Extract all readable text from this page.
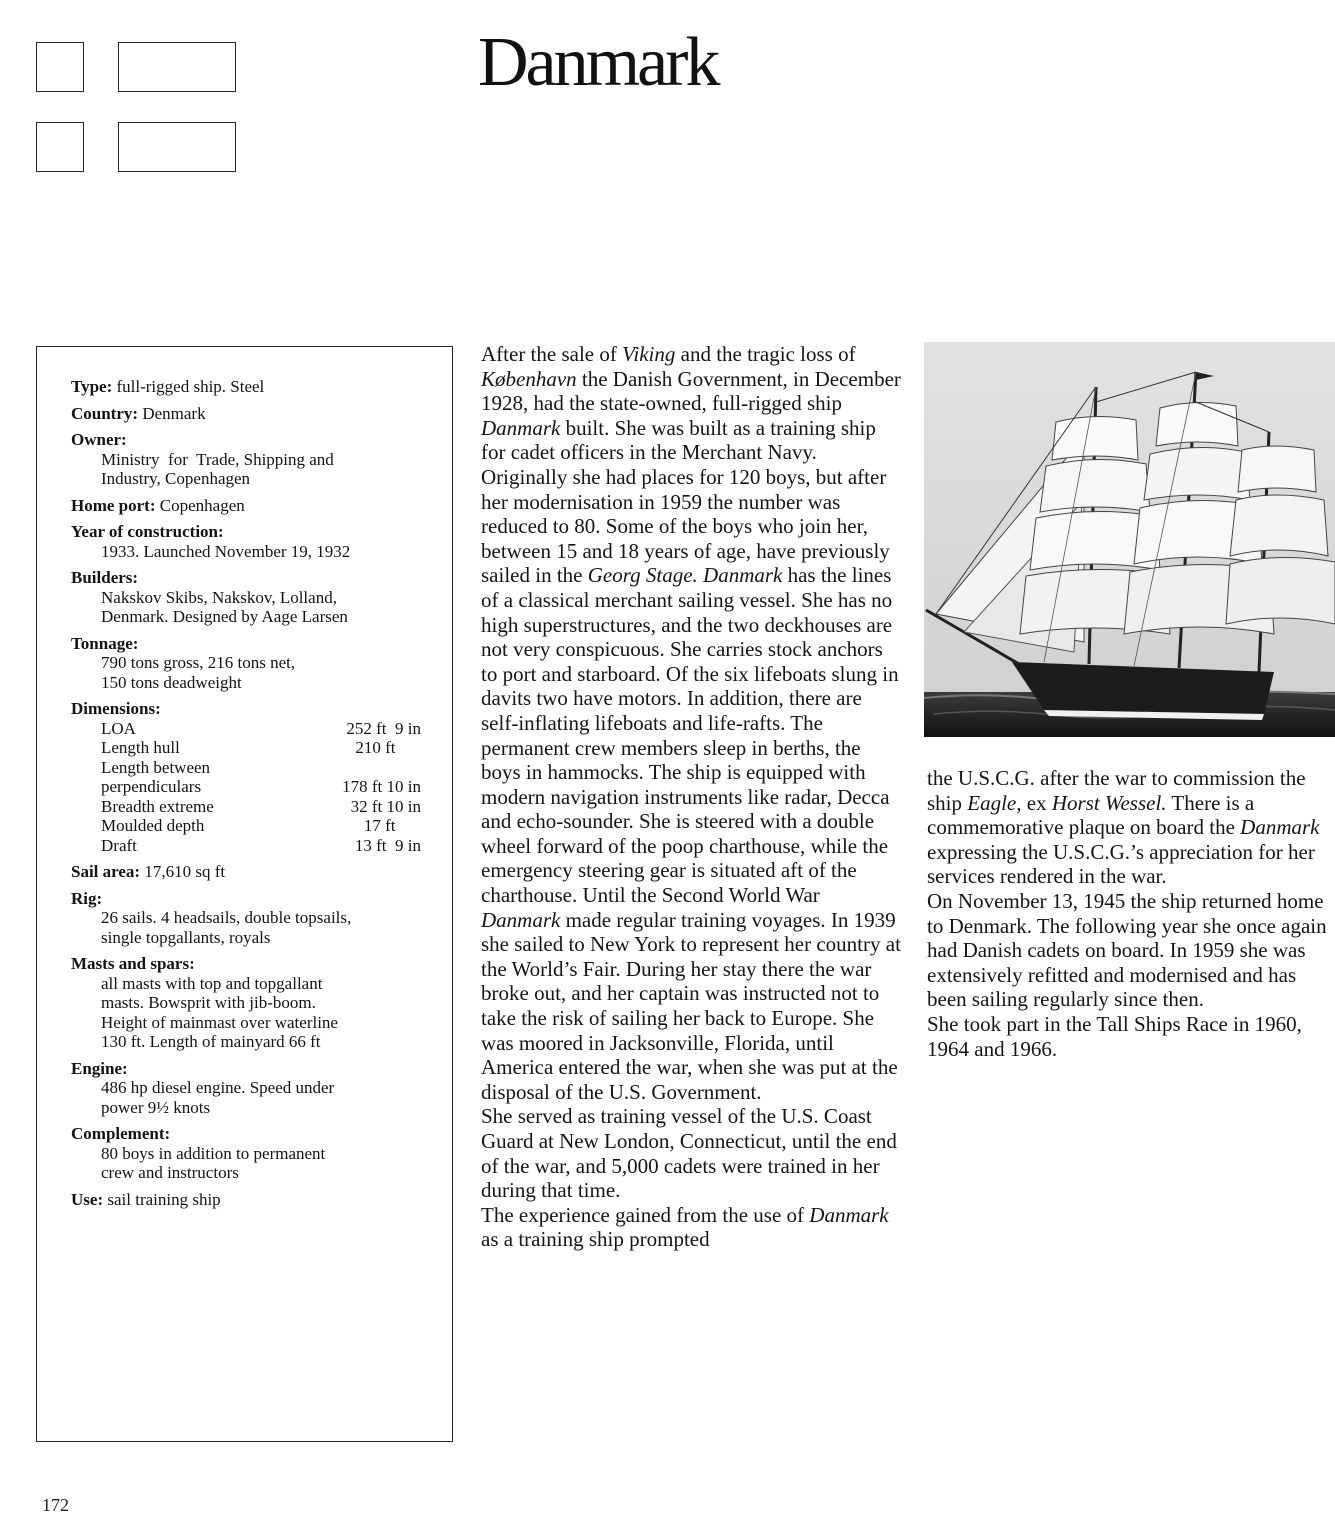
Danmark
Type: full-rigged ship. Steel
Country: Denmark
Owner:
Ministry  for  Trade, Shipping and
Industry, Copenhagen
Home port: Copenhagen
Year of construction:
1933. Launched November 19, 1932
Builders:
Nakskov Skibs, Nakskov, Lolland,
Denmark. Designed by Aage Larsen
Tonnage:
790 tons gross, 216 tons net,
150 tons deadweight
Dimensions:
LOA	252 ft  9 in
Length hull	210 ft
Length between
perpendiculars	178 ft 10 in
Breadth extreme	32 ft 10 in
Moulded depth	17 ft
Draft	13 ft  9 in
Sail area: 17,610 sq ft
Rig:
26 sails. 4 headsails, double topsails,
single topgallants, royals
Masts and spars:
all masts with top and topgallant
masts. Bowsprit with jib-boom.
Height of mainmast over waterline
130 ft. Length of mainyard 66 ft
Engine:
486 hp diesel engine. Speed under
power 9½ knots
Complement:
80 boys in addition to permanent
crew and instructors
Use: sail training ship

After the sale of Viking and the tragic loss of København the Danish Government, in December 1928, had the state-owned, full-rigged ship Danmark built. She was built as a training ship for cadet officers in the Merchant Navy. Originally she had places for 120 boys, but after her modernisation in 1959 the number was reduced to 80. Some of the boys who join her, between 15 and 18 years of age, have previously sailed in the Georg Stage. Danmark has the lines of a classical merchant sailing vessel. She has no high superstructures, and the two deckhouses are not very conspicuous. She carries stock anchors to port and starboard. Of the six lifeboats slung in davits two have motors. In addition, there are self-inflating lifeboats and life-rafts. The permanent crew members sleep in berths, the boys in hammocks. The ship is equipped with modern navigation instruments like radar, Decca and echo-sounder. She is steered with a double wheel forward of the poop charthouse, while the emergency steering gear is situated aft of the charthouse. Until the Second World War Danmark made regular training voyages. In 1939 she sailed to New York to represent her country at the World’s Fair. During her stay there the war broke out, and her captain was instructed not to take the risk of sailing her back to Europe. She was moored in Jacksonville, Florida, until America entered the war, when she was put at the disposal of the U.S. Government.

She served as training vessel of the U.S. Coast Guard at New London, Connecticut, until the end of the war, and 5,000 cadets were trained in her during that time.

The experience gained from the use of Danmark as a training ship prompted

the U.S.C.G. after the war to commission the ship Eagle, ex Horst Wessel. There is a commemorative plaque on board the Danmark expressing the U.S.C.G.’s appreciation for her services rendered in the war.

On November 13, 1945 the ship returned home to Denmark. The following year she once again had Danish cadets on board. In 1959 she was extensively refitted and modernised and has been sailing regularly since then.

She took part in the Tall Ships Race in 1960, 1964 and 1966.

172
